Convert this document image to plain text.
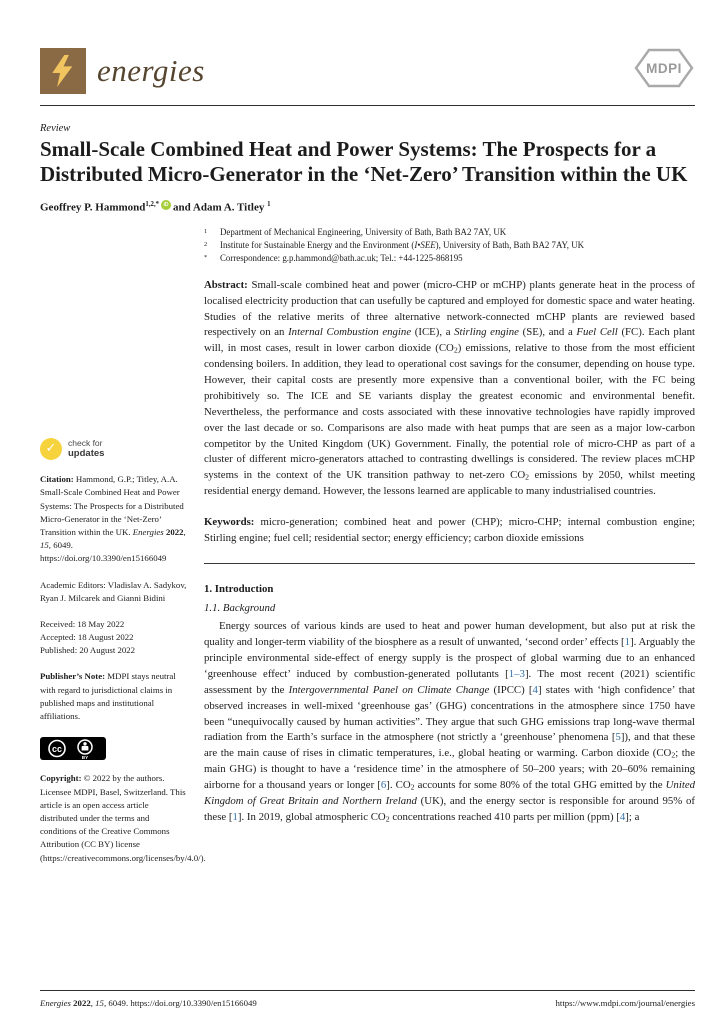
energies	MDPI
Review
Small-Scale Combined Heat and Power Systems: The Prospects for a Distributed Micro-Generator in the ‘Net-Zero’ Transition within the UK
Geoffrey P. Hammond$^{1,2,*}$ iD and Adam A. Titley $^1$
✓	check for
updates
Citation: Hammond, G.P.; Titley, A.A. Small-Scale Combined Heat and Power Systems: The Prospects for a Distributed Micro-Generator in the ‘Net-Zero’ Transition within the UK. Energies 2022, 15, 6049. https://doi.org/10.3390/en15166049
Academic Editors: Vladislav A. Sadykov, Ryan J. Milcarek and Gianni Bidini
Received: 18 May 2022
Accepted: 18 August 2022
Published: 20 August 2022
Publisher’s Note: MDPI stays neutral with regard to jurisdictional claims in published maps and institutional affiliations.
cc
BY
Copyright: © 2022 by the authors. Licensee MDPI, Basel, Switzerland. This article is an open access article distributed under the terms and conditions of the Creative Commons Attribution (CC BY) license (https://creativecommons.org/licenses/by/4.0/).
1	Department of Mechanical Engineering, University of Bath, Bath BA2 7AY, UK
2	Institute for Sustainable Energy and the Environment (I•SEE), University of Bath, Bath BA2 7AY, UK
*	Correspondence: g.p.hammond@bath.ac.uk; Tel.: +44-1225-868195
Abstract: Small-scale combined heat and power (micro-CHP or mCHP) plants generate heat in the process of localised electricity production that can usefully be captured and employed for domestic space and water heating. Studies of the relative merits of three alternative network-connected mCHP plants are reviewed based respectively on an Internal Combustion engine (ICE), a Stirling engine (SE), and a Fuel Cell (FC). Each plant will, in most cases, result in lower carbon dioxide (CO2) emissions, relative to those from the most efficient condensing boilers. In addition, they lead to operational cost savings for the consumer, depending on house type. However, their capital costs are presently more expensive than a conventional boiler, with the FC being prohibitively so. The ICE and SE variants display the greatest economic and environmental benefit. Nevertheless, the performance and costs associated with these innovative technologies have rapidly improved over the last decade or so. Comparisons are also made with heat pumps that are seen as a major low-carbon competitor by the United Kingdom (UK) Government. Finally, the potential role of micro-CHP as part of a cluster of different micro-generators attached to contrasting dwellings is considered. The review places mCHP systems in the context of the UK transition pathway to net-zero CO2 emissions by 2050, whilst meeting residential energy demand. However, the lessons learned are applicable to many industrialised countries.
Keywords: micro-generation; combined heat and power (CHP); micro-CHP; internal combustion engine; Stirling engine; fuel cell; residential sector; energy efficiency; carbon dioxide emissions
1. Introduction
1.1. Background
Energy sources of various kinds are used to heat and power human development, but also put at risk the quality and longer-term viability of the biosphere as a result of unwanted, ‘second order’ effects [1]. Arguably the principle environmental side-effect of energy supply is the prospect of global warming due to an enhanced ‘greenhouse effect’ induced by combustion-generated pollutants [1–3]. The most recent (2021) scientific assessment by the Intergovernmental Panel on Climate Change (IPCC) [4] states with ‘high confidence’ that observed increases in well-mixed ‘greenhouse gas’ (GHG) concentrations in the atmosphere since 1750 have been “unequivocally caused by human activities”. They argue that such GHG emissions trap long-wave thermal radiation from the Earth’s surface in the atmosphere (not strictly a ‘greenhouse’ phenomena [5]), and that these are the main cause of rises in climatic temperatures, i.e., global heating or warming. Carbon dioxide (CO2; the main GHG) is thought to have a ‘residence time’ in the atmosphere of 50–200 years; with 20–60% remaining airborne for a thousand years or longer [6]. CO2 accounts for some 80% of the total GHG emitted by the United Kingdom of Great Britain and Northern Ireland (UK), and the energy sector is responsible for around 95% of these [1]. In 2019, global atmospheric CO2 concentrations reached 410 parts per million (ppm) [4]; a
Energies 2022, 15, 6049. https://doi.org/10.3390/en15166049	https://www.mdpi.com/journal/energies
